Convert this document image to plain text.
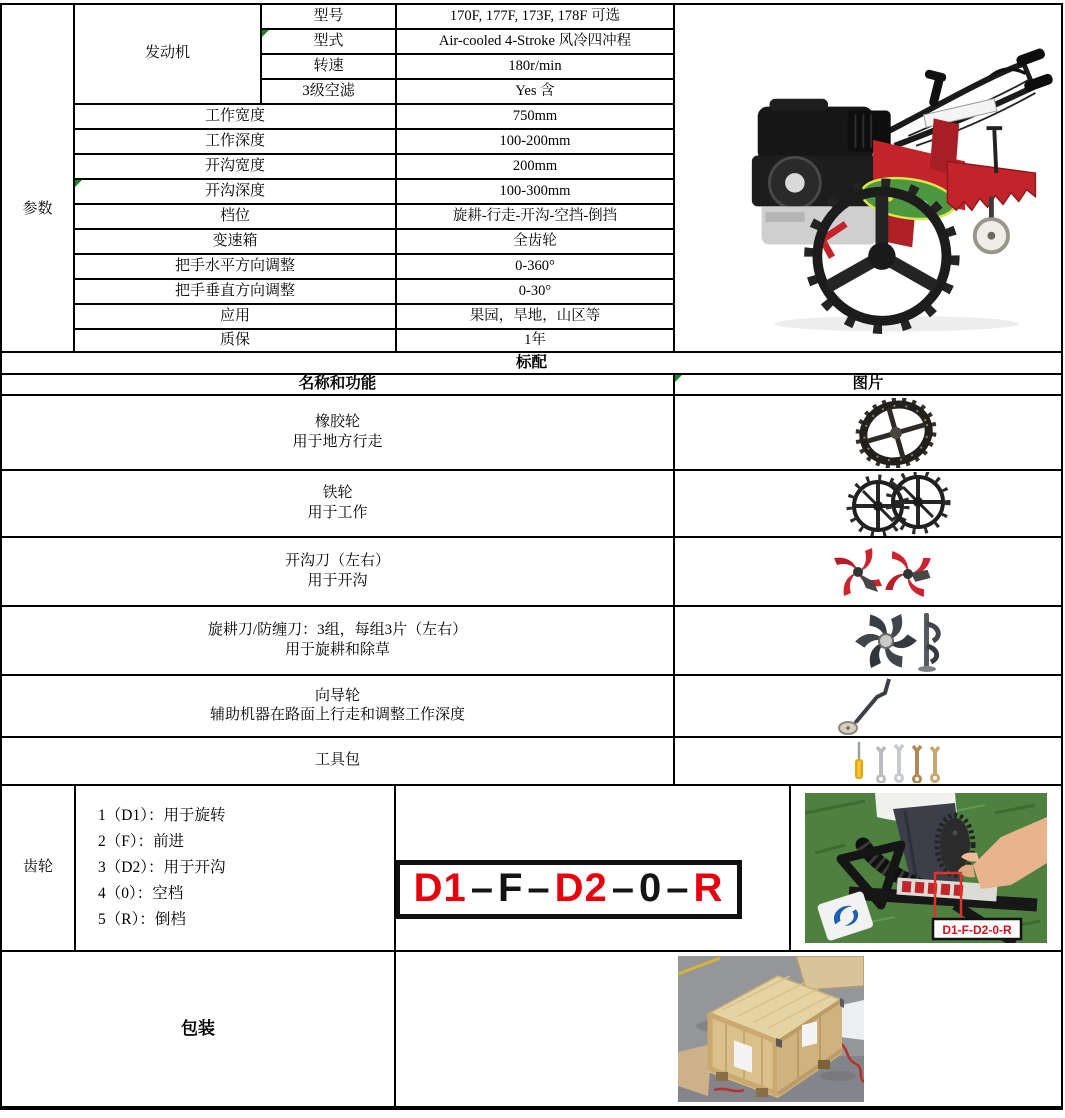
参数
发动机
型号	170F, 177F, 173F, 178F 可选
型式	Air-cooled 4-Stroke 风冷四冲程
转速	180r/min
3级空滤	Yes 含
工作宽度	750mm
工作深度	100-200mm
开沟宽度	200mm
开沟深度	100-300mm
档位	旋耕-行走-开沟-空挡-倒挡
变速箱	全齿轮
把手水平方向调整	0-360°
把手垂直方向调整	0-30°
应用	果园，旱地，山区等
质保	1年
标配
名称和功能	图片
橡胶轮
用于地方行走
铁轮
用于工作
开沟刀（左右）
用于开沟
旋耕刀/防缠刀：3组，每组3片（左右）
用于旋耕和除草
向导轮
辅助机器在路面上行走和调整工作深度
工具包
齿轮
1（D1）：用于旋转
2（F）：前进
3（D2）：用于开沟
4（0）：空档
5（R）：倒档
D1 – F – D2 – 0 – R
D1-F-D2-0-R
包装
